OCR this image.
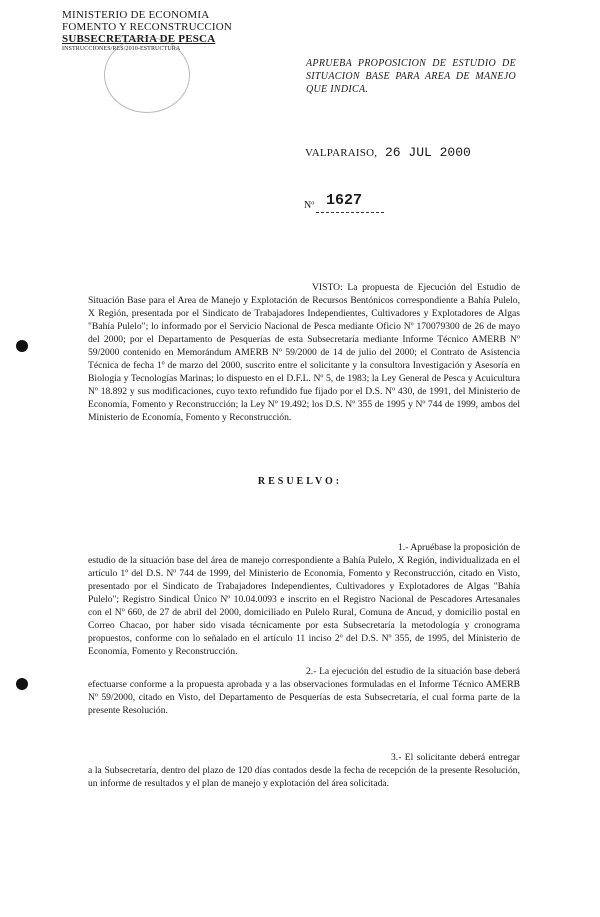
MINISTERIO DE ECONOMIA
FOMENTO Y RECONSTRUCCION
SUBSECRETARIA DE PESCA
INSTRUCCIONES/RES/2010-ESTRUCTURA
APRUEBA PROPOSICION DE ESTUDIO DE SITUACION BASE PARA AREA DE MANEJO QUE INDICA.
VALPARAISO, 26 JUL 2000
Nº 1627
VISTO: La propuesta de Ejecución del Estudio de Situación Base para el Area de Manejo y Explotación de Recursos Bentónicos correspondiente a Bahía Pulelo, X Región, presentada por el Sindicato de Trabajadores Independientes, Cultivadores y Explotadores de Algas "Bahía Pulelo"; lo informado por el Servicio Nacional de Pesca mediante Oficio Nº 170079300 de 26 de mayo del 2000; por el Departamento de Pesquerías de esta Subsecretaría mediante Informe Técnico AMERB Nº 59/2000 contenido en Memorándum AMERB Nº 59/2000 de 14 de julio del 2000; el Contrato de Asistencia Técnica de fecha 1º de marzo del 2000, suscrito entre el solicitante y la consultora Investigación y Asesoría en Biología y Tecnologías Marinas; lo dispuesto en el D.F.L. Nº 5, de 1983; la Ley General de Pesca y Acuicultura Nº 18.892 y sus modificaciones, cuyo texto refundido fue fijado por el D.S. Nº 430, de 1991, del Ministerio de Economía, Fomento y Reconstrucción; la Ley Nº 19.492; los D.S. Nº 355 de 1995 y Nº 744 de 1999, ambos del Ministerio de Economía, Fomento y Reconstrucción.
RESUELVO:
1.- Apruébase la proposición de estudio de la situación base del área de manejo correspondiente a Bahía Pulelo, X Región, individualizada en el artículo 1º del D.S. Nº 744 de 1999, del Ministerio de Economía, Fomento y Reconstrucción, citado en Visto, presentado por el Sindicato de Trabajadores Independientes, Cultivadores y Explotadores de Algas "Bahía Pulelo"; Registro Sindical Único Nº 10.04.0093 e inscrito en el Registro Nacional de Pescadores Artesanales con el Nº 660, de 27 de abril del 2000, domiciliado en Pulelo Rural, Comuna de Ancud, y domicilio postal en Correo Chacao, por haber sido visada técnicamente por esta Subsecretaría la metodología y cronograma propuestos, conforme con lo señalado en el artículo 11 inciso 2º del D.S. Nº 355, de 1995, del Ministerio de Economía, Fomento y Reconstrucción.
2.- La ejecución del estudio de la situación base deberá efectuarse conforme a la propuesta aprobada y a las observaciones formuladas en el Informe Técnico AMERB Nº 59/2000, citado en Visto, del Departamento de Pesquerías de esta Subsecretaría, el cual forma parte de la presente Resolución.
3.- El solicitante deberá entregar a la Subsecretaría, dentro del plazo de 120 días contados desde la fecha de recepción de la presente Resolución, un informe de resultados y el plan de manejo y explotación del área solicitada.
